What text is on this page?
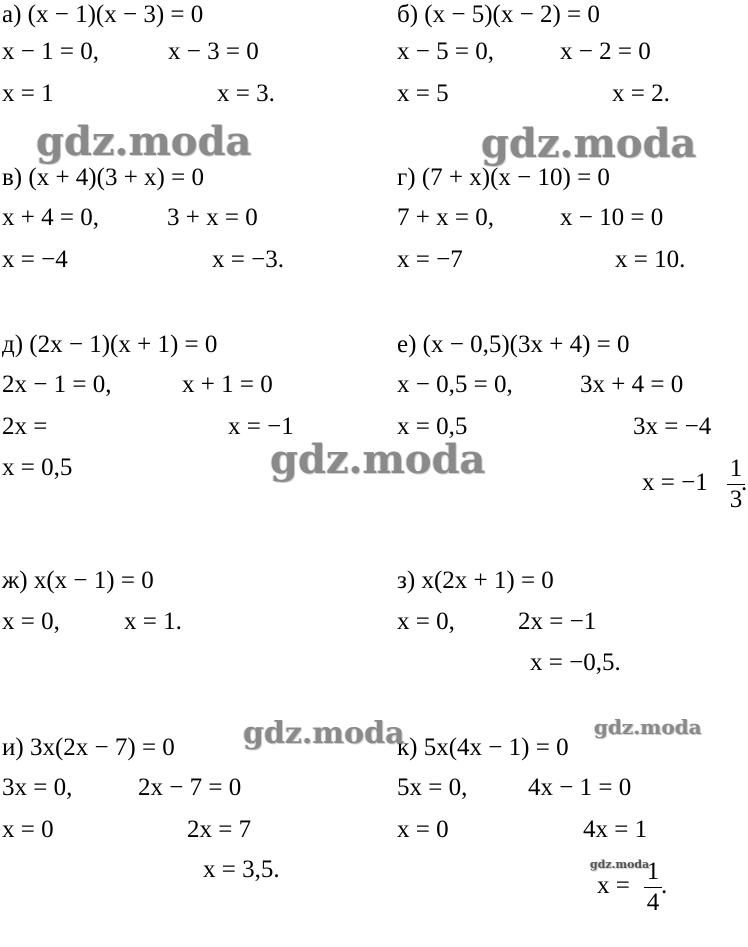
а) (x − 1)(x − 3) = 0
x − 1 = 0,	x − 3 = 0
x = 1	x = 3.
б) (x − 5)(x − 2) = 0
x − 5 = 0,	x − 2 = 0
x = 5	x = 2.
gdz.moda	gdz.moda
в) (x + 4)(3 + x) = 0
x + 4 = 0,	3 + x = 0
x = −4	x = −3.
г) (7 + x)(x − 10) = 0
7 + x = 0,	x − 10 = 0
x = −7	x = 10.
д) (2x − 1)(x + 1) = 0
2x − 1 = 0,	x + 1 = 0
2x =	x = −1
x = 0,5
е) (x − 0,5)(3x + 4) = 0
x − 0,5 = 0,	3x + 4 = 0
x = 0,5	3x = −4
x = −1
1
3
.
gdz.moda
ж) x(x − 1) = 0
x = 0,	x = 1.
з) x(2x + 1) = 0
x = 0,	2x = −1
x = −0,5.
gdz.moda	gdz.moda
и) 3x(2x − 7) = 0
3x = 0,	2x − 7 = 0
x = 0	2x = 7
x = 3,5.
к) 5x(4x − 1) = 0
5x = 0, 4x − 1 = 0
x = 0	4x = 1
x =
1
4
.
gdz.moda
